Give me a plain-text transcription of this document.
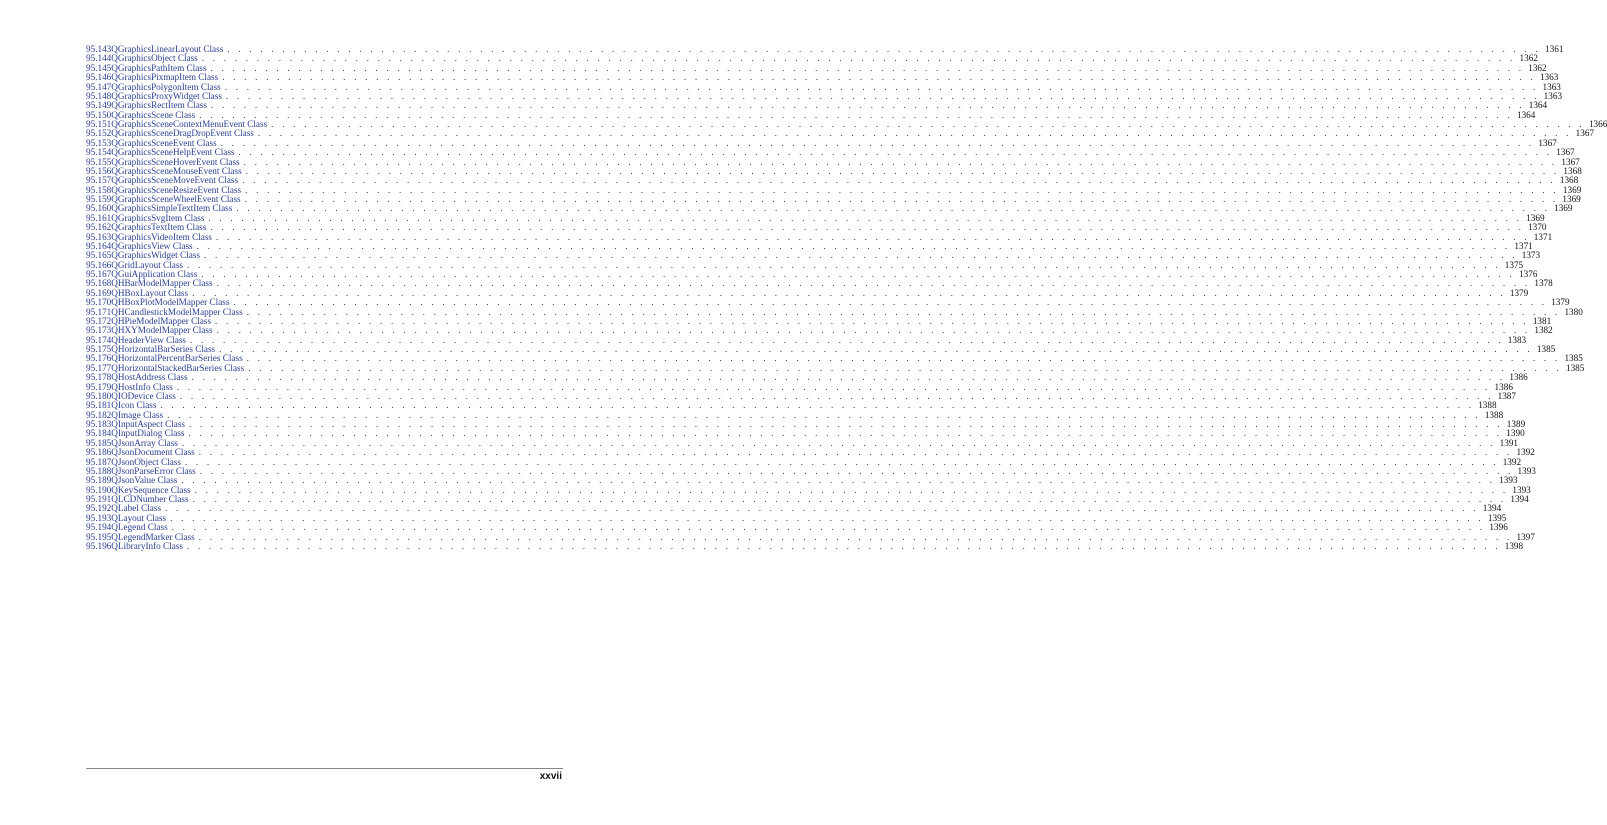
95.143 QGraphicsLinearLayout Class . . . . . . . . . . . . . . . . . . . . . . . . . . . . . . . . . . . . . . . . . . . . . . . . . . . . . . . . . . . . . . . . . . . . . . . . . . . . . . . . . . . . . . . . . . . . . . . . . . . . . . . . . . . . . . . . . . . . . . . . 1361
95.144 QGraphicsObject Class . . . . . . . . . . . . . . . . . . . . . . . . . . . . . . . . . . . . . . . . . . . . . . . . . . . . . . . . . . . . . . . . . . . . . . . . . . . . . . . . . . . . . . . . . . . . . . . . . . . . . . . . . . . . . . . . . . . . . . . . 1362
95.145 QGraphicsPathItem Class . . . . . . . . . . . . . . . . . . . . . . . . . . . . . . . . . . . . . . . . . . . . . . . . . . . . . . . . . . . . . . . . . . . . . . . . . . . . . . . . . . . . . . . . . . . . . . . . . . . . . . . . . . . . . . . . . . . . . . . . 1362
95.146 QGraphicsPixmapItem Class . . . . . . . . . . . . . . . . . . . . . . . . . . . . . . . . . . . . . . . . . . . . . . . . . . . . . . . . . . . . . . . . . . . . . . . . . . . . . . . . . . . . . . . . . . . . . . . . . . . . . . . . . . . . . . . . . . . . . . . . 1363
95.147 QGraphicsPolygonItem Class . . . . . . . . . . . . . . . . . . . . . . . . . . . . . . . . . . . . . . . . . . . . . . . . . . . . . . . . . . . . . . . . . . . . . . . . . . . . . . . . . . . . . . . . . . . . . . . . . . . . . . . . . . . . . . . . . . . . . . . . 1363
95.148 QGraphicsProxyWidget Class . . . . . . . . . . . . . . . . . . . . . . . . . . . . . . . . . . . . . . . . . . . . . . . . . . . . . . . . . . . . . . . . . . . . . . . . . . . . . . . . . . . . . . . . . . . . . . . . . . . . . . . . . . . . . . . . . . . . . . . . 1363
95.149 QGraphicsRectItem Class . . . . . . . . . . . . . . . . . . . . . . . . . . . . . . . . . . . . . . . . . . . . . . . . . . . . . . . . . . . . . . . . . . . . . . . . . . . . . . . . . . . . . . . . . . . . . . . . . . . . . . . . . . . . . . . . . . . . . . . . 1364
95.150 QGraphicsScene Class . . . . . . . . . . . . . . . . . . . . . . . . . . . . . . . . . . . . . . . . . . . . . . . . . . . . . . . . . . . . . . . . . . . . . . . . . . . . . . . . . . . . . . . . . . . . . . . . . . . . . . . . . . . . . . . . . . . . . . . . 1364
95.151 QGraphicsSceneContextMenuEvent Class . . . . . . . . . . . . . . . . . . . . . . . . . . . . . . . . . . . . . . . . . . . . . . . . . . . . . . . . . . . . . . . . . . . . . . . . . . . . . . . . . . . . . . . . . . . . . . . . . . . . . . . . . . . . . . . . . . . . . . . . 1366
95.152 QGraphicsSceneDragDropEvent Class . . . . . . . . . . . . . . . . . . . . . . . . . . . . . . . . . . . . . . . . . . . . . . . . . . . . . . . . . . . . . . . . . . . . . . . . . . . . . . . . . . . . . . . . . . . . . . . . . . . . . . . . . . . . . . . . . . . . . . . . 1367
95.153 QGraphicsSceneEvent Class . . . . . . . . . . . . . . . . . . . . . . . . . . . . . . . . . . . . . . . . . . . . . . . . . . . . . . . . . . . . . . . . . . . . . . . . . . . . . . . . . . . . . . . . . . . . . . . . . . . . . . . . . . . . . . . . . . . . . . . . 1367
95.154 QGraphicsSceneHelpEvent Class . . . . . . . . . . . . . . . . . . . . . . . . . . . . . . . . . . . . . . . . . . . . . . . . . . . . . . . . . . . . . . . . . . . . . . . . . . . . . . . . . . . . . . . . . . . . . . . . . . . . . . . . . . . . . . . . . . . . . . . . 1367
95.155 QGraphicsSceneHoverEvent Class . . . . . . . . . . . . . . . . . . . . . . . . . . . . . . . . . . . . . . . . . . . . . . . . . . . . . . . . . . . . . . . . . . . . . . . . . . . . . . . . . . . . . . . . . . . . . . . . . . . . . . . . . . . . . . . . . . . . . . . . 1367
95.156 QGraphicsSceneMouseEvent Class . . . . . . . . . . . . . . . . . . . . . . . . . . . . . . . . . . . . . . . . . . . . . . . . . . . . . . . . . . . . . . . . . . . . . . . . . . . . . . . . . . . . . . . . . . . . . . . . . . . . . . . . . . . . . . . . . . . . . . . . 1368
95.157 QGraphicsSceneMoveEvent Class . . . . . . . . . . . . . . . . . . . . . . . . . . . . . . . . . . . . . . . . . . . . . . . . . . . . . . . . . . . . . . . . . . . . . . . . . . . . . . . . . . . . . . . . . . . . . . . . . . . . . . . . . . . . . . . . . . . . . . . . 1368
95.158 QGraphicsSceneResizeEvent Class . . . . . . . . . . . . . . . . . . . . . . . . . . . . . . . . . . . . . . . . . . . . . . . . . . . . . . . . . . . . . . . . . . . . . . . . . . . . . . . . . . . . . . . . . . . . . . . . . . . . . . . . . . . . . . . . . . . . . . . . 1369
95.159 QGraphicsSceneWheelEvent Class . . . . . . . . . . . . . . . . . . . . . . . . . . . . . . . . . . . . . . . . . . . . . . . . . . . . . . . . . . . . . . . . . . . . . . . . . . . . . . . . . . . . . . . . . . . . . . . . . . . . . . . . . . . . . . . . . . . . . . . . 1369
95.160 QGraphicsSimpleTextItem Class . . . . . . . . . . . . . . . . . . . . . . . . . . . . . . . . . . . . . . . . . . . . . . . . . . . . . . . . . . . . . . . . . . . . . . . . . . . . . . . . . . . . . . . . . . . . . . . . . . . . . . . . . . . . . . . . . . . . . . . . 1369
95.161 QGraphicsSvgItem Class . . . . . . . . . . . . . . . . . . . . . . . . . . . . . . . . . . . . . . . . . . . . . . . . . . . . . . . . . . . . . . . . . . . . . . . . . . . . . . . . . . . . . . . . . . . . . . . . . . . . . . . . . . . . . . . . . . . . . . . . 1369
95.162 QGraphicsTextItem Class . . . . . . . . . . . . . . . . . . . . . . . . . . . . . . . . . . . . . . . . . . . . . . . . . . . . . . . . . . . . . . . . . . . . . . . . . . . . . . . . . . . . . . . . . . . . . . . . . . . . . . . . . . . . . . . . . . . . . . . . 1370
95.163 QGraphicsVideoItem Class . . . . . . . . . . . . . . . . . . . . . . . . . . . . . . . . . . . . . . . . . . . . . . . . . . . . . . . . . . . . . . . . . . . . . . . . . . . . . . . . . . . . . . . . . . . . . . . . . . . . . . . . . . . . . . . . . . . . . . . . 1371
95.164 QGraphicsView Class . . . . . . . . . . . . . . . . . . . . . . . . . . . . . . . . . . . . . . . . . . . . . . . . . . . . . . . . . . . . . . . . . . . . . . . . . . . . . . . . . . . . . . . . . . . . . . . . . . . . . . . . . . . . . . . . . . . . . . . . 1371
95.165 QGraphicsWidget Class . . . . . . . . . . . . . . . . . . . . . . . . . . . . . . . . . . . . . . . . . . . . . . . . . . . . . . . . . . . . . . . . . . . . . . . . . . . . . . . . . . . . . . . . . . . . . . . . . . . . . . . . . . . . . . . . . . . . . . . . 1373
95.166 QGridLayout Class . . . . . . . . . . . . . . . . . . . . . . . . . . . . . . . . . . . . . . . . . . . . . . . . . . . . . . . . . . . . . . . . . . . . . . . . . . . . . . . . . . . . . . . . . . . . . . . . . . . . . . . . . . . . . . . . . . . . . . . . 1375
95.167 QGuiApplication Class . . . . . . . . . . . . . . . . . . . . . . . . . . . . . . . . . . . . . . . . . . . . . . . . . . . . . . . . . . . . . . . . . . . . . . . . . . . . . . . . . . . . . . . . . . . . . . . . . . . . . . . . . . . . . . . . . . . . . . . . 1376
95.168 QHBarModelMapper Class . . . . . . . . . . . . . . . . . . . . . . . . . . . . . . . . . . . . . . . . . . . . . . . . . . . . . . . . . . . . . . . . . . . . . . . . . . . . . . . . . . . . . . . . . . . . . . . . . . . . . . . . . . . . . . . . . . . . . . . . 1378
95.169 QHBoxLayout Class . . . . . . . . . . . . . . . . . . . . . . . . . . . . . . . . . . . . . . . . . . . . . . . . . . . . . . . . . . . . . . . . . . . . . . . . . . . . . . . . . . . . . . . . . . . . . . . . . . . . . . . . . . . . . . . . . . . . . . . . 1379
95.170 QHBoxPlotModelMapper Class . . . . . . . . . . . . . . . . . . . . . . . . . . . . . . . . . . . . . . . . . . . . . . . . . . . . . . . . . . . . . . . . . . . . . . . . . . . . . . . . . . . . . . . . . . . . . . . . . . . . . . . . . . . . . . . . . . . . . . . . 1379
95.171 QHCandlestickModelMapper Class . . . . . . . . . . . . . . . . . . . . . . . . . . . . . . . . . . . . . . . . . . . . . . . . . . . . . . . . . . . . . . . . . . . . . . . . . . . . . . . . . . . . . . . . . . . . . . . . . . . . . . . . . . . . . . . . . . . . . . . . 1380
95.172 QHPieModelMapper Class . . . . . . . . . . . . . . . . . . . . . . . . . . . . . . . . . . . . . . . . . . . . . . . . . . . . . . . . . . . . . . . . . . . . . . . . . . . . . . . . . . . . . . . . . . . . . . . . . . . . . . . . . . . . . . . . . . . . . . . . 1381
95.173 QHXYModelMapper Class . . . . . . . . . . . . . . . . . . . . . . . . . . . . . . . . . . . . . . . . . . . . . . . . . . . . . . . . . . . . . . . . . . . . . . . . . . . . . . . . . . . . . . . . . . . . . . . . . . . . . . . . . . . . . . . . . . . . . . . . 1382
95.174 QHeaderView Class . . . . . . . . . . . . . . . . . . . . . . . . . . . . . . . . . . . . . . . . . . . . . . . . . . . . . . . . . . . . . . . . . . . . . . . . . . . . . . . . . . . . . . . . . . . . . . . . . . . . . . . . . . . . . . . . . . . . . . . . 1383
95.175 QHorizontalBarSeries Class . . . . . . . . . . . . . . . . . . . . . . . . . . . . . . . . . . . . . . . . . . . . . . . . . . . . . . . . . . . . . . . . . . . . . . . . . . . . . . . . . . . . . . . . . . . . . . . . . . . . . . . . . . . . . . . . . . . . . . . . 1385
95.176 QHorizontalPercentBarSeries Class . . . . . . . . . . . . . . . . . . . . . . . . . . . . . . . . . . . . . . . . . . . . . . . . . . . . . . . . . . . . . . . . . . . . . . . . . . . . . . . . . . . . . . . . . . . . . . . . . . . . . . . . . . . . . . . . . . . . . . . . 1385
95.177 QHorizontalStackedBarSeries Class . . . . . . . . . . . . . . . . . . . . . . . . . . . . . . . . . . . . . . . . . . . . . . . . . . . . . . . . . . . . . . . . . . . . . . . . . . . . . . . . . . . . . . . . . . . . . . . . . . . . . . . . . . . . . . . . . . . . . . . . 1385
95.178 QHostAddress Class . . . . . . . . . . . . . . . . . . . . . . . . . . . . . . . . . . . . . . . . . . . . . . . . . . . . . . . . . . . . . . . . . . . . . . . . . . . . . . . . . . . . . . . . . . . . . . . . . . . . . . . . . . . . . . . . . . . . . . . . 1386
95.179 QHostInfo Class . . . . . . . . . . . . . . . . . . . . . . . . . . . . . . . . . . . . . . . . . . . . . . . . . . . . . . . . . . . . . . . . . . . . . . . . . . . . . . . . . . . . . . . . . . . . . . . . . . . . . . . . . . . . . . . . . . . . . . . . 1386
95.180 QIODevice Class . . . . . . . . . . . . . . . . . . . . . . . . . . . . . . . . . . . . . . . . . . . . . . . . . . . . . . . . . . . . . . . . . . . . . . . . . . . . . . . . . . . . . . . . . . . . . . . . . . . . . . . . . . . . . . . . . . . . . . . . 1387
95.181 QIcon Class . . . . . . . . . . . . . . . . . . . . . . . . . . . . . . . . . . . . . . . . . . . . . . . . . . . . . . . . . . . . . . . . . . . . . . . . . . . . . . . . . . . . . . . . . . . . . . . . . . . . . . . . . . . . . . . . . . . . . . . . 1388
95.182 QImage Class . . . . . . . . . . . . . . . . . . . . . . . . . . . . . . . . . . . . . . . . . . . . . . . . . . . . . . . . . . . . . . . . . . . . . . . . . . . . . . . . . . . . . . . . . . . . . . . . . . . . . . . . . . . . . . . . . . . . . . . . 1388
95.183 QInputAspect Class . . . . . . . . . . . . . . . . . . . . . . . . . . . . . . . . . . . . . . . . . . . . . . . . . . . . . . . . . . . . . . . . . . . . . . . . . . . . . . . . . . . . . . . . . . . . . . . . . . . . . . . . . . . . . . . . . . . . . . . . 1389
95.184 QInputDialog Class . . . . . . . . . . . . . . . . . . . . . . . . . . . . . . . . . . . . . . . . . . . . . . . . . . . . . . . . . . . . . . . . . . . . . . . . . . . . . . . . . . . . . . . . . . . . . . . . . . . . . . . . . . . . . . . . . . . . . . . . 1390
95.185 QJsonArray Class . . . . . . . . . . . . . . . . . . . . . . . . . . . . . . . . . . . . . . . . . . . . . . . . . . . . . . . . . . . . . . . . . . . . . . . . . . . . . . . . . . . . . . . . . . . . . . . . . . . . . . . . . . . . . . . . . . . . . . . . 1391
95.186 QJsonDocument Class . . . . . . . . . . . . . . . . . . . . . . . . . . . . . . . . . . . . . . . . . . . . . . . . . . . . . . . . . . . . . . . . . . . . . . . . . . . . . . . . . . . . . . . . . . . . . . . . . . . . . . . . . . . . . . . . . . . . . . . . 1392
95.187 QJsonObject Class . . . . . . . . . . . . . . . . . . . . . . . . . . . . . . . . . . . . . . . . . . . . . . . . . . . . . . . . . . . . . . . . . . . . . . . . . . . . . . . . . . . . . . . . . . . . . . . . . . . . . . . . . . . . . . . . . . . . . . . . 1392
95.188 QJsonParseError Class . . . . . . . . . . . . . . . . . . . . . . . . . . . . . . . . . . . . . . . . . . . . . . . . . . . . . . . . . . . . . . . . . . . . . . . . . . . . . . . . . . . . . . . . . . . . . . . . . . . . . . . . . . . . . . . . . . . . . . . . 1393
95.189 QJsonValue Class . . . . . . . . . . . . . . . . . . . . . . . . . . . . . . . . . . . . . . . . . . . . . . . . . . . . . . . . . . . . . . . . . . . . . . . . . . . . . . . . . . . . . . . . . . . . . . . . . . . . . . . . . . . . . . . . . . . . . . . . 1393
95.190 QKeySequence Class . . . . . . . . . . . . . . . . . . . . . . . . . . . . . . . . . . . . . . . . . . . . . . . . . . . . . . . . . . . . . . . . . . . . . . . . . . . . . . . . . . . . . . . . . . . . . . . . . . . . . . . . . . . . . . . . . . . . . . . . 1393
95.191 QLCDNumber Class . . . . . . . . . . . . . . . . . . . . . . . . . . . . . . . . . . . . . . . . . . . . . . . . . . . . . . . . . . . . . . . . . . . . . . . . . . . . . . . . . . . . . . . . . . . . . . . . . . . . . . . . . . . . . . . . . . . . . . . . 1394
95.192 QLabel Class . . . . . . . . . . . . . . . . . . . . . . . . . . . . . . . . . . . . . . . . . . . . . . . . . . . . . . . . . . . . . . . . . . . . . . . . . . . . . . . . . . . . . . . . . . . . . . . . . . . . . . . . . . . . . . . . . . . . . . . . 1394
95.193 QLayout Class . . . . . . . . . . . . . . . . . . . . . . . . . . . . . . . . . . . . . . . . . . . . . . . . . . . . . . . . . . . . . . . . . . . . . . . . . . . . . . . . . . . . . . . . . . . . . . . . . . . . . . . . . . . . . . . . . . . . . . . . 1395
95.194 QLegend Class . . . . . . . . . . . . . . . . . . . . . . . . . . . . . . . . . . . . . . . . . . . . . . . . . . . . . . . . . . . . . . . . . . . . . . . . . . . . . . . . . . . . . . . . . . . . . . . . . . . . . . . . . . . . . . . . . . . . . . . . 1396
95.195 QLegendMarker Class . . . . . . . . . . . . . . . . . . . . . . . . . . . . . . . . . . . . . . . . . . . . . . . . . . . . . . . . . . . . . . . . . . . . . . . . . . . . . . . . . . . . . . . . . . . . . . . . . . . . . . . . . . . . . . . . . . . . . . . . 1397
95.196 QLibraryInfo Class . . . . . . . . . . . . . . . . . . . . . . . . . . . . . . . . . . . . . . . . . . . . . . . . . . . . . . . . . . . . . . . . . . . . . . . . . . . . . . . . . . . . . . . . . . . . . . . . . . . . . . . . . . . . . . . . . . . . . . . . 1398
xxvii
